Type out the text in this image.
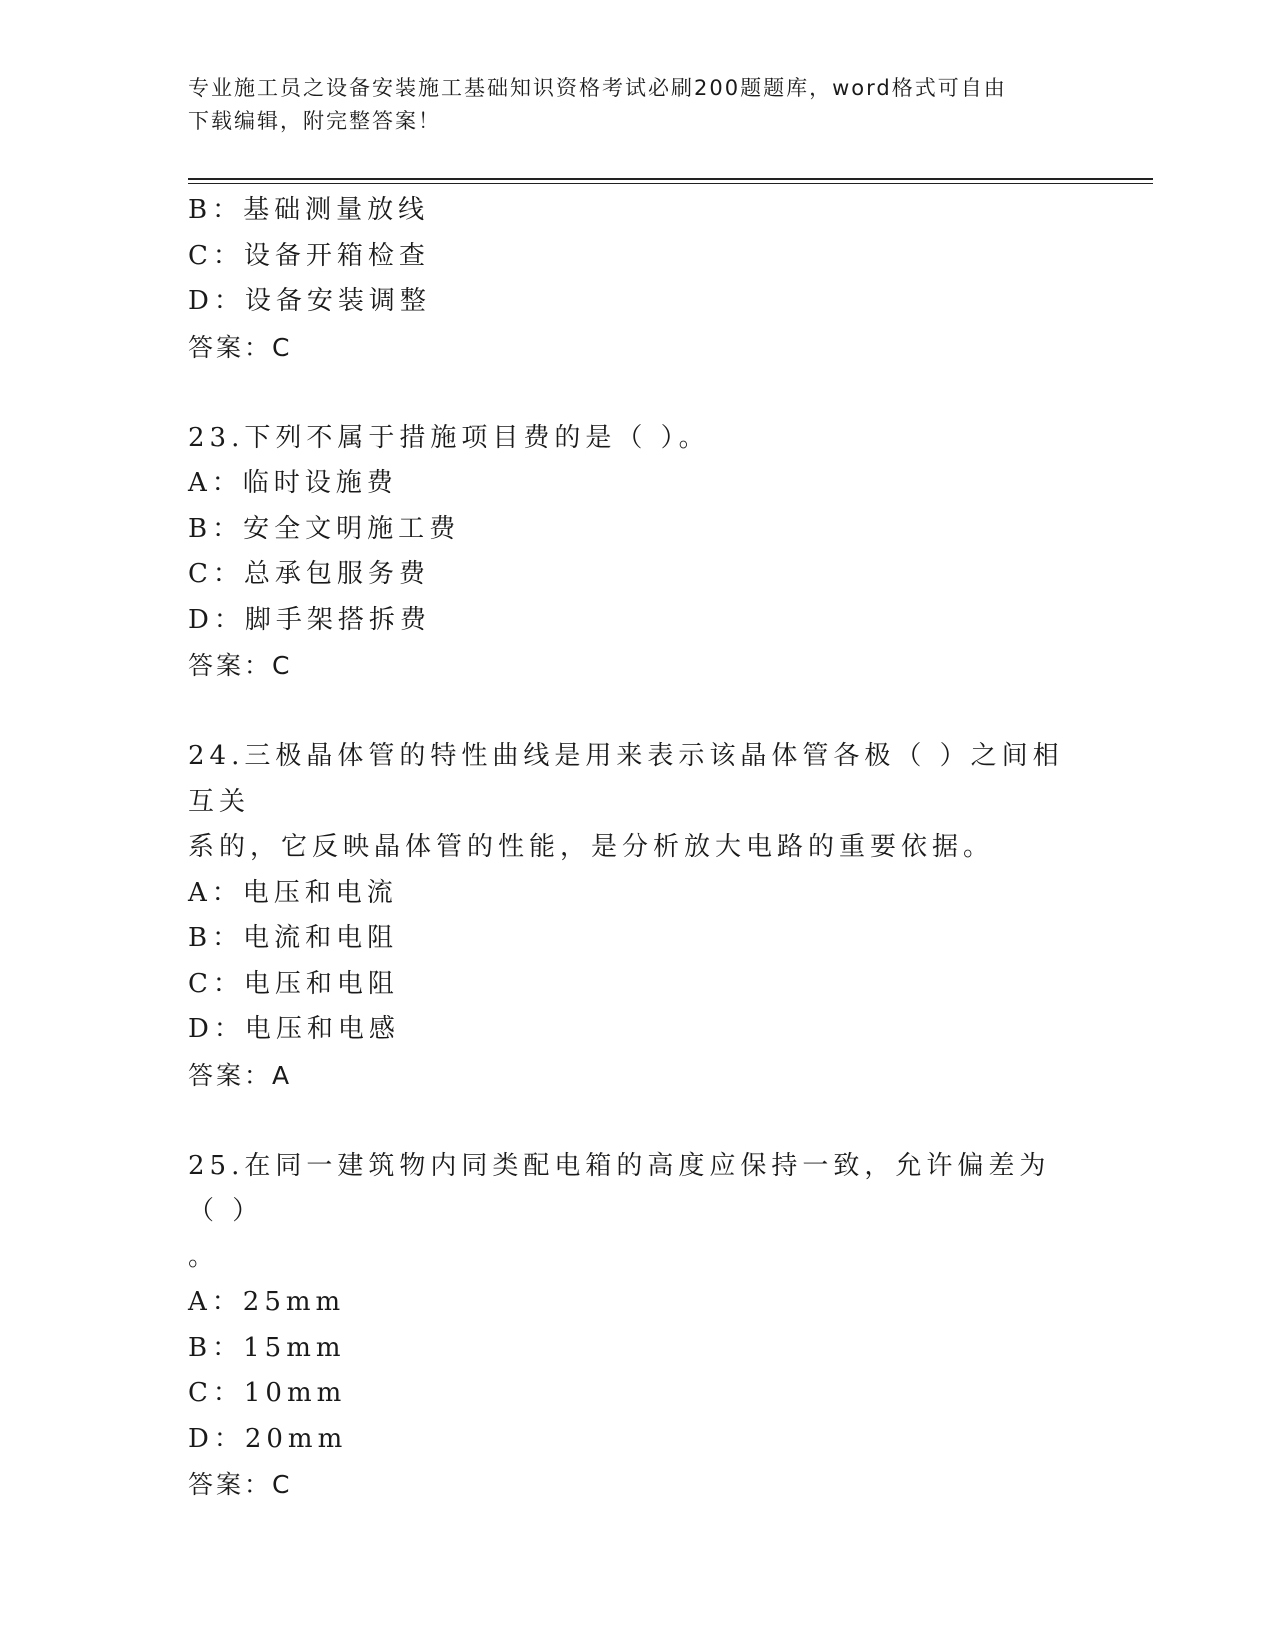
专业施工员之设备安装施工基础知识资格考试必刷200题题库，word格式可自由
下载编辑，附完整答案！
B：基础测量放线
C：设备开箱检查
D：设备安装调整
答案：C
23.下列不属于措施项目费的是（ ）。
A：临时设施费
B：安全文明施工费
C：总承包服务费
D：脚手架搭拆费
答案：C
24.三极晶体管的特性曲线是用来表示该晶体管各极（ ）之间相互关
系的，它反映晶体管的性能，是分析放大电路的重要依据。
A：电压和电流
B：电流和电阻
C：电压和电阻
D：电压和电感
答案：A
25.在同一建筑物内同类配电箱的高度应保持一致，允许偏差为（ ）
。
A：25mm
B：15mm
C：10mm
D：20mm
答案：C
